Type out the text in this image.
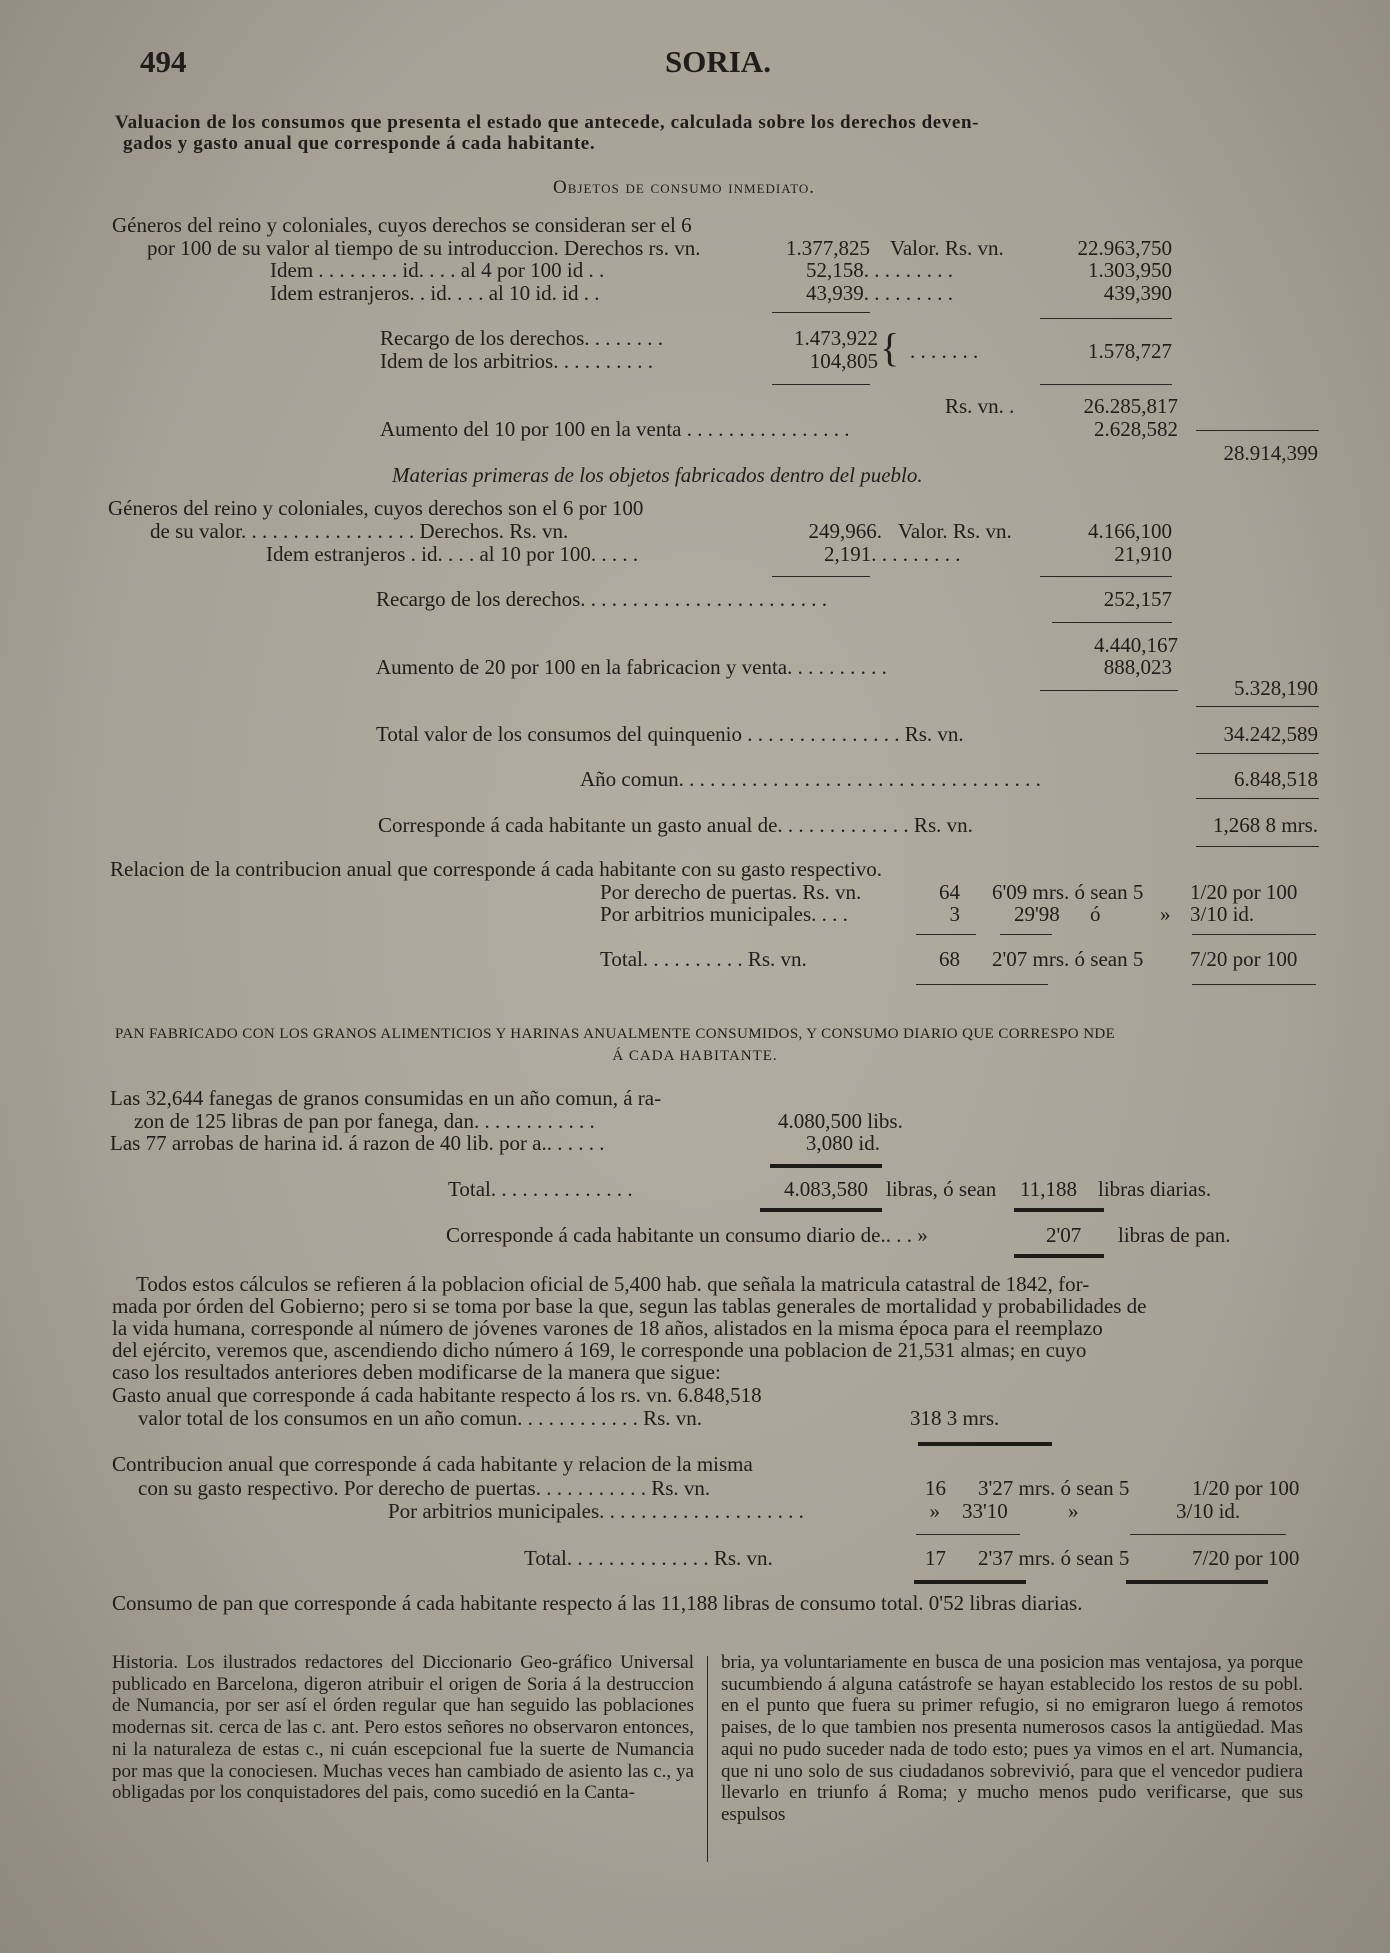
494	SORIA.
Valuacion de los consumos que presenta el estado que antecede, calculada sobre los derechos deven-
gados y gasto anual que corresponde á cada habitante.
Objetos de consumo inmediato.
Géneros del reino y coloniales, cuyos derechos se consideran ser el 6
por 100 de su valor al tiempo de su introduccion. Derechos rs. vn.	1.377,825 Valor. Rs. vn.	22.963,750
Idem . . . . . . . . id. . . . al 4 por 100 id . .	52,158. . . . . . . . .	1.303,950
Idem estranjeros. . id. . . . al 10 id. id . .	43,939. . . . . . . . .	439,390
Recargo de los derechos. . . . . . . .	1.473,922
Idem de los arbitrios. . . . . . . . . .	104,805 { . . . . . . .	1.578,727
Rs. vn. .	26.285,817
Aumento del 10 por 100 en la venta . . . . . . . . . . . . . . . .	2.628,582
28.914,399
Materias primeras de los objetos fabricados dentro del pueblo.
Géneros del reino y coloniales, cuyos derechos son el 6 por 100
de su valor. . . . . . . . . . . . . . . . . Derechos. Rs. vn.	249,966. Valor. Rs. vn.	4.166,100
Idem estranjeros . id. . . . al 10 por 100. . . . .	2,191. . . . . . . . .	21,910
Recargo de los derechos. . . . . . . . . . . . . . . . . . . . . . . .	252,157
4.440,167
Aumento de 20 por 100 en la fabricacion y venta. . . . . . . . . .	888,023
5.328,190
Total valor de los consumos del quinquenio . . . . . . . . . . . . . . . Rs. vn.	34.242,589
Año comun. . . . . . . . . . . . . . . . . . . . . . . . . . . . . . . . . . .	6.848,518
Corresponde á cada habitante un gasto anual de. . . . . . . . . . . . . Rs. vn.	1,268 8 mrs.
Relacion de la contribucion anual que corresponde á cada habitante con su gasto respectivo.
Por derecho de puertas. Rs. vn.	64 6'09 mrs. ó sean 5 1/20 por 100
Por arbitrios municipales. . . .	3	29'98 ó	» 3/10 id.
Total. . . . . . . . . . Rs. vn.	68 2'07 mrs. ó sean 5 7/20 por 100
PAN FABRICADO CON LOS GRANOS ALIMENTICIOS Y HARINAS ANUALMENTE CONSUMIDOS, Y CONSUMO DIARIO QUE CORRESPO NDE
Á CADA HABITANTE.
Las 32,644 fanegas de granos consumidas en un año comun, á ra-
zon de 125 libras de pan por fanega, dan. . . . . . . . . . . .	4.080,500 libs.
Las 77 arrobas de harina id. á razon de 40 lib. por a.. . . . . .	3,080 id.
Total. . . . . . . . . . . . . .	4.083,580 libras, ó sean 11,188 libras diarias.
Corresponde á cada habitante un consumo diario de.. . . »	2'07 libras de pan.
Todos estos cálculos se refieren á la poblacion oficial de 5,400 hab. que señala la matricula catastral de 1842, for-
mada por órden del Gobierno; pero si se toma por base la que, segun las tablas generales de mortalidad y probabilidades de
la vida humana, corresponde al número de jóvenes varones de 18 años, alistados en la misma época para el reemplazo
del ejército, veremos que, ascendiendo dicho número á 169, le corresponde una poblacion de 21,531 almas; en cuyo
caso los resultados anteriores deben modificarse de la manera que sigue:
Gasto anual que corresponde á cada habitante respecto á los rs. vn. 6.848,518
valor total de los consumos en un año comun. . . . . . . . . . . . Rs. vn.	318 3 mrs.
Contribucion anual que corresponde á cada habitante y relacion de la misma
con su gasto respectivo. Por derecho de puertas. . . . . . . . . . . Rs. vn.	16 3'27 mrs. ó sean 5	1/20 por 100
Por arbitrios municipales. . . . . . . . . . . . . . . . . . . .	» 33'10	»	3/10 id.
Total. . . . . . . . . . . . . . Rs. vn.	17 2'37 mrs. ó sean 5	7/20 por 100
Consumo de pan que corresponde á cada habitante respecto á las 11,188 libras de consumo total. 0'52 libras diarias.
Historia. Los ilustrados redactores del Diccionario Geo-gráfico Universal publicado en Barcelona, digeron atribuir el origen de Soria á la destruccion de Numancia, por ser así el órden regular que han seguido las poblaciones modernas sit. cerca de las c. ant. Pero estos señores no observaron entonces, ni la naturaleza de estas c., ni cuán escepcional fue la suerte de Numancia por mas que la conociesen. Muchas veces han cambiado de asiento las c., ya obligadas por los conquistadores del pais, como sucedió en la Canta-
bria, ya voluntariamente en busca de una posicion mas ventajosa, ya porque sucumbiendo á alguna catástrofe se hayan establecido los restos de su pobl. en el punto que fuera su primer refugio, si no emigraron luego á remotos paises, de lo que tambien nos presenta numerosos casos la antigüedad. Mas aqui no pudo suceder nada de todo esto; pues ya vimos en el art. Numancia, que ni uno solo de sus ciudadanos sobrevivió, para que el vencedor pudiera llevarlo en triunfo á Roma; y mucho menos pudo verificarse, que sus espulsos
